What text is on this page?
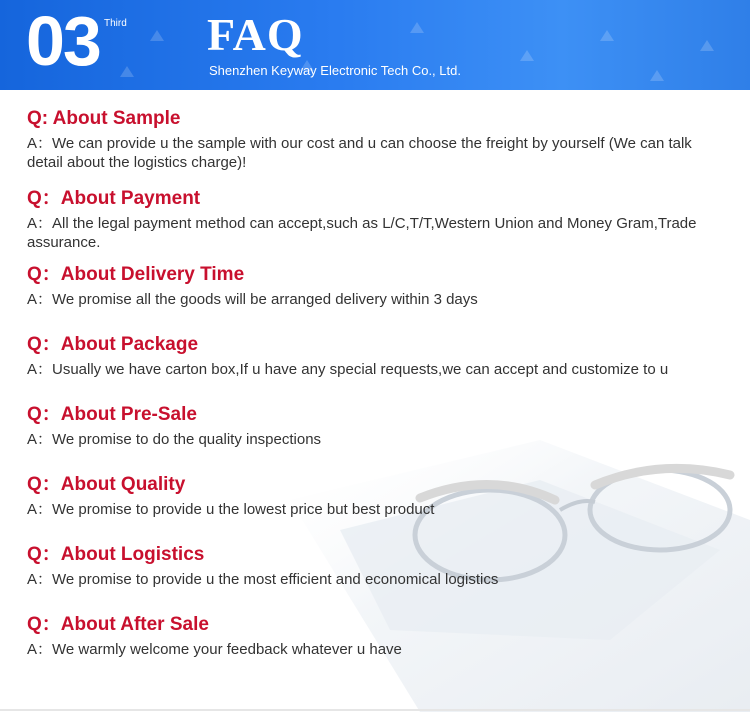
03 Third FAQ
Shenzhen Keyway Electronic Tech Co., Ltd.
Q: About Sample
A：We can provide u the sample with our cost and u can choose the freight by yourself (We can talk detail about the logistics charge)!
Q：About Payment
A：All the legal payment method can accept,such as L/C,T/T,Western Union and Money Gram,Trade assurance.
Q：About Delivery Time
A：We promise all the goods will be arranged delivery within 3 days
Q：About Package
A：Usually we have carton box,If u have any special requests,we can accept and customize to u
Q：About Pre-Sale
A：We promise to do the quality inspections
Q：About Quality
A：We promise to provide u the lowest price but best product
Q：About Logistics
A：We promise to provide u the most efficient and economical logistics
Q：About After Sale
A：We warmly welcome your feedback whatever u have
